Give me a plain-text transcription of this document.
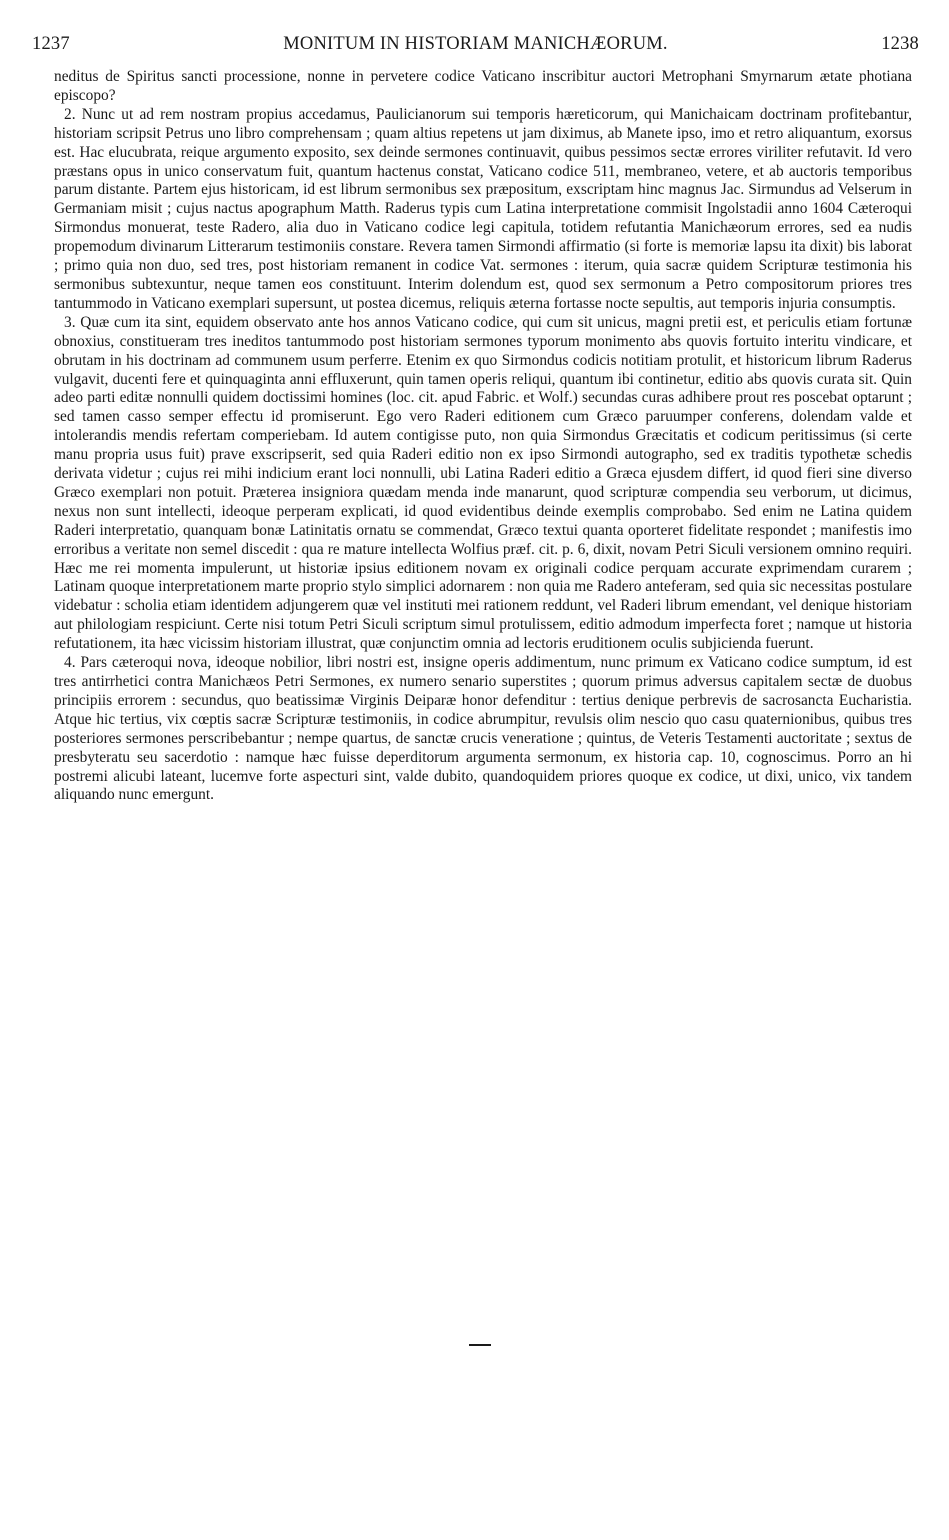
1237	MONITUM IN HISTORIAM MANICHÆORUM.	1238

neditus de Spiritus sancti processione, nonne in pervetere codice Vaticano inscribitur auctori Metrophani Smyrnarum ætate photiana episcopo?

2. Nunc ut ad rem nostram propius accedamus, Paulicianorum sui temporis hæreticorum, qui Manichaicam doctrinam profitebantur, historiam scripsit Petrus uno libro comprehensam ; quam altius repetens ut jam diximus, ab Manete ipso, imo et retro aliquantum, exorsus est. Hac elucubrata, reique argumento exposito, sex deinde sermones continuavit, quibus pessimos sectæ errores viriliter refutavit. Id vero præstans opus in unico conservatum fuit, quantum hactenus constat, Vaticano codice 511, membraneo, vetere, et ab auctoris temporibus parum distante. Partem ejus historicam, id est librum sermonibus sex præpositum, exscriptam hinc magnus Jac. Sirmundus ad Velserum in Germaniam misit ; cujus nactus apographum Matth. Raderus typis cum Latina interpretatione commisit Ingolstadii anno 1604 Cæteroqui Sirmondus monuerat, teste Radero, alia duo in Vaticano codice legi capitula, totidem refutantia Manichæorum errores, sed ea nudis propemodum divinarum Litterarum testimoniis constare. Revera tamen Sirmondi affirmatio (si forte is memoriæ lapsu ita dixit) bis laborat ; primo quia non duo, sed tres, post historiam remanent in codice Vat. sermones : iterum, quia sacræ quidem Scripturæ testimonia his sermonibus subtexuntur, neque tamen eos constituunt. Interim dolendum est, quod sex sermonum a Petro compositorum priores tres tantummodo in Vaticano exemplari supersunt, ut postea dicemus, reliquis æterna fortasse nocte sepultis, aut temporis injuria consumptis.

3. Quæ cum ita sint, equidem observato ante hos annos Vaticano codice, qui cum sit unicus, magni pretii est, et periculis etiam fortunæ obnoxius, constitueram tres ineditos tantummodo post historiam sermones typorum monimento abs quovis fortuito interitu vindicare, et obrutam in his doctrinam ad communem usum perferre. Etenim ex quo Sirmondus codicis notitiam protulit, et historicum librum Raderus vulgavit, ducenti fere et quinquaginta anni effluxerunt, quin tamen operis reliqui, quantum ibi continetur, editio abs quovis curata sit. Quin adeo parti editæ nonnulli quidem doctissimi homines (loc. cit. apud Fabric. et Wolf.) secundas curas adhibere prout res poscebat optarunt ; sed tamen casso semper effectu id promiserunt. Ego vero Raderi editionem cum Græco paruumper conferens, dolendam valde et intolerandis mendis refertam comperiebam. Id autem contigisse puto, non quia Sirmondus Græcitatis et codicum peritissimus (si certe manu propria usus fuit) prave exscripserit, sed quia Raderi editio non ex ipso Sirmondi autographo, sed ex traditis typothetæ schedis derivata videtur ; cujus rei mihi indicium erant loci nonnulli, ubi Latina Raderi editio a Græca ejusdem differt, id quod fieri sine diverso Græco exemplari non potuit. Præterea insigniora quædam menda inde manarunt, quod scripturæ compendia seu verborum, ut dicimus, nexus non sunt intellecti, ideoque perperam explicati, id quod evidentibus deinde exemplis comprobabo. Sed enim ne Latina quidem Raderi interpretatio, quanquam bonæ Latinitatis ornatu se commendat, Græco textui quanta oporteret fidelitate respondet ; manifestis imo erroribus a veritate non semel discedit : qua re mature intellecta Wolfius præf. cit. p. 6, dixit, novam Petri Siculi versionem omnino requiri. Hæc me rei momenta impulerunt, ut historiæ ipsius editionem novam ex originali codice perquam accurate exprimendam curarem ; Latinam quoque interpretationem marte proprio stylo simplici adornarem : non quia me Radero anteferam, sed quia sic necessitas postulare videbatur : scholia etiam identidem adjungerem quæ vel instituti mei rationem reddunt, vel Raderi librum emendant, vel denique historiam aut philologiam respiciunt. Certe nisi totum Petri Siculi scriptum simul protulissem, editio admodum imperfecta foret ; namque ut historia refutationem, ita hæc vicissim historiam illustrat, quæ conjunctim omnia ad lectoris eruditionem oculis subjicienda fuerunt.

4. Pars cæteroqui nova, ideoque nobilior, libri nostri est, insigne operis addimentum, nunc primum ex Vaticano codice sumptum, id est tres antirrhetici contra Manichæos Petri Sermones, ex numero senario superstites ; quorum primus adversus capitalem sectæ de duobus principiis errorem : secundus, quo beatissimæ Virginis Deiparæ honor defenditur : tertius denique perbrevis de sacrosancta Eucharistia. Atque hic tertius, vix cœptis sacræ Scripturæ testimoniis, in codice abrumpitur, revulsis olim nescio quo casu quaternionibus, quibus tres posteriores sermones perscribebantur ; nempe quartus, de sanctæ crucis veneratione ; quintus, de Veteris Testamenti auctoritate ; sextus de presbyteratu seu sacerdotio : namque hæc fuisse deperditorum argumenta sermonum, ex historia cap. 10, cognoscimus. Porro an hi postremi alicubi lateant, lucemve forte aspecturi sint, valde dubito, quandoquidem priores quoque ex codice, ut dixi, unico, vix tandem aliquando nunc emergunt.
